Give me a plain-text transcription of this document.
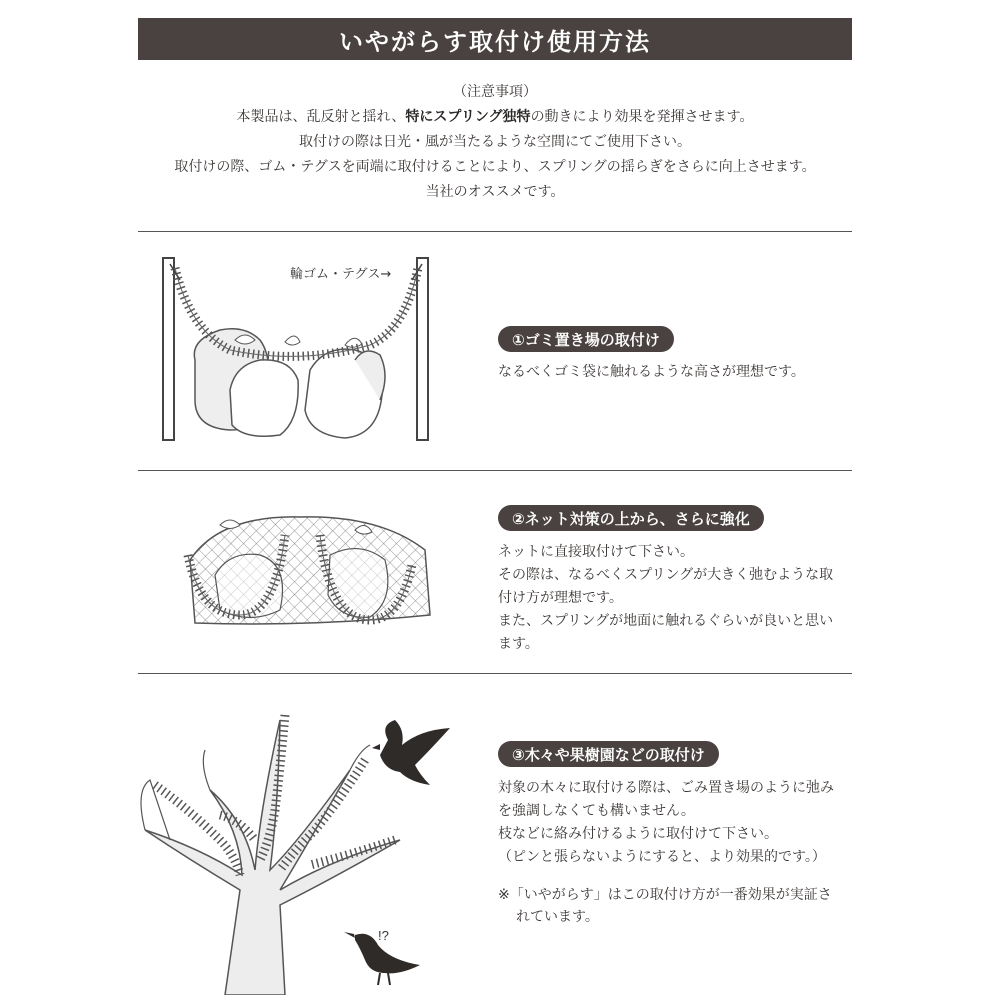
いやがらす取付け使用方法
（注意事項）
本製品は、乱反射と揺れ、特にスプリング独特の動きにより効果を発揮させます。
取付けの際は日光・風が当たるような空間にてご使用下さい。
取付けの際、ゴム・テグスを両端に取付けることにより、スプリングの揺らぎをさらに向上させます。
当社のオススメです。
輪ゴム・テグス→
①ゴミ置き場の取付け

なるべくゴミ袋に触れるような高さが理想です。

②ネット対策の上から、さらに強化

ネットに直接取付けて下さい。

その際は、なるべくスプリングが大きく弛むような取

付け方が理想です。

また、スプリングが地面に触れるぐらいが良いと思い

ます。

!?
③木々や果樹園などの取付け

対象の木々に取付ける際は、ごみ置き場のように弛み

を強調しなくても構いません。

枝などに絡み付けるように取付けて下さい。

（ピンと張らないようにすると、より効果的です。）

※「いやがらす」はこの取付け方が一番効果が実証さ
れています。
